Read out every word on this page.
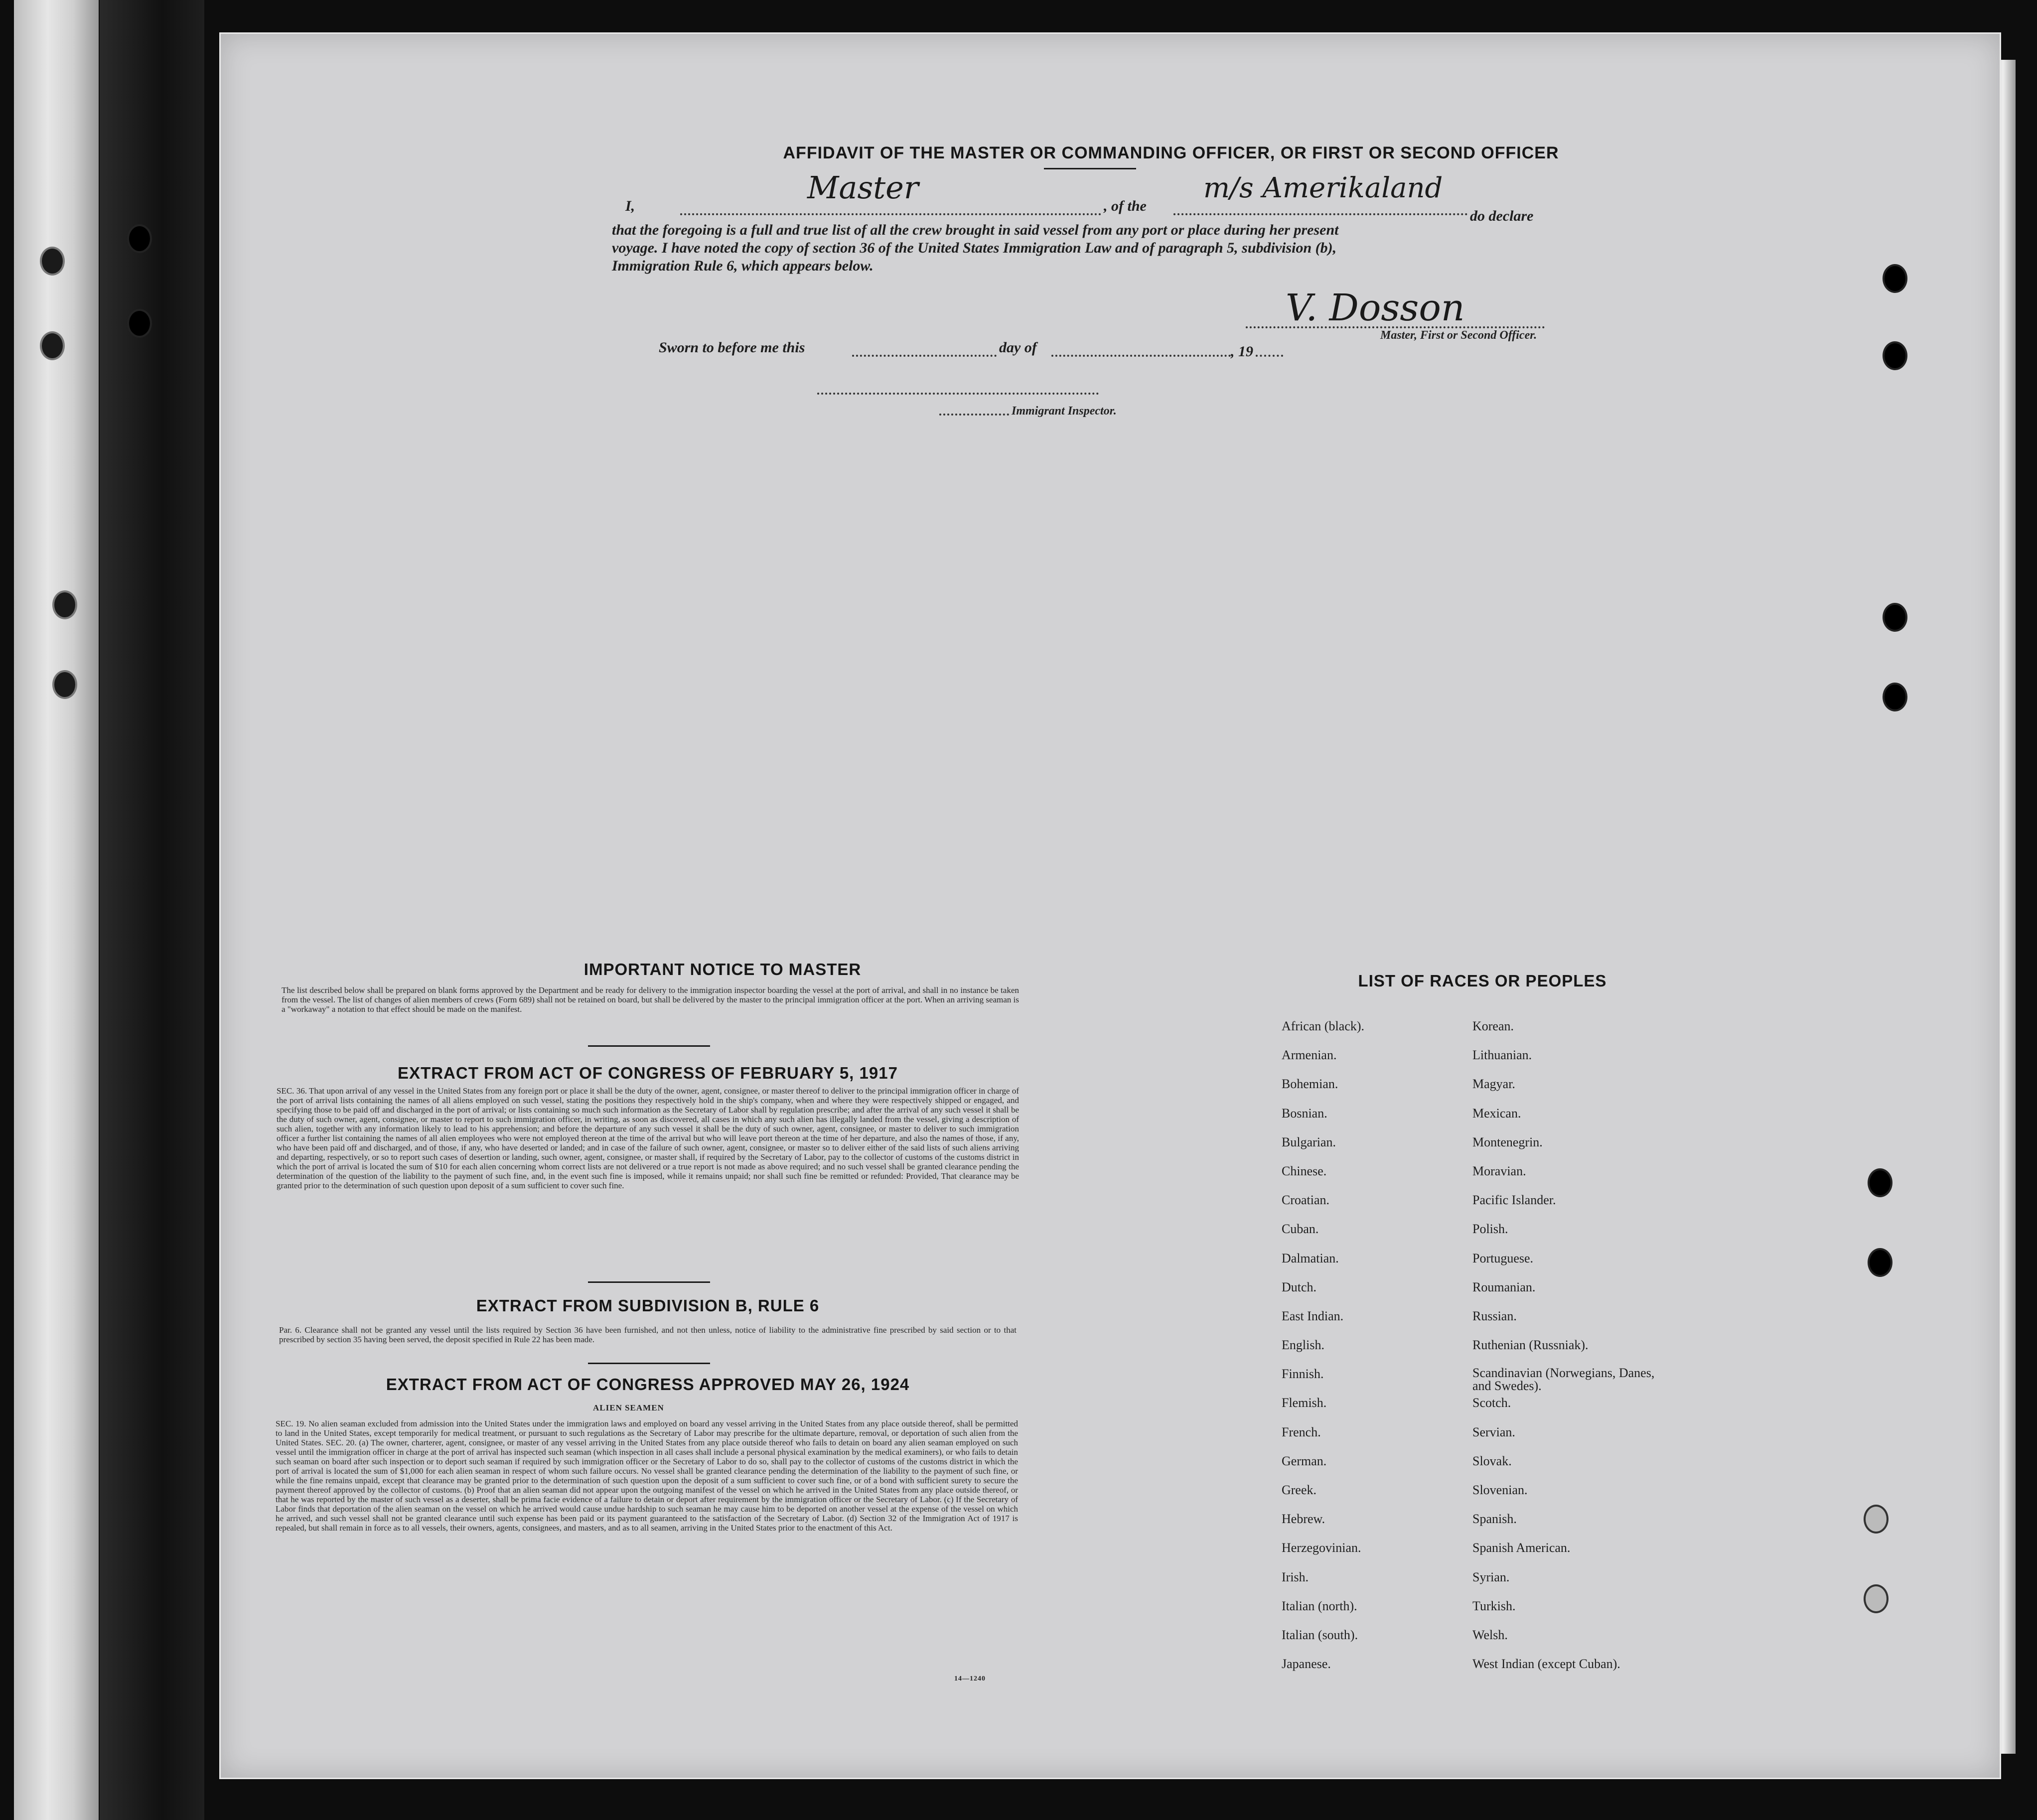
AFFIDAVIT OF THE MASTER OR COMMANDING OFFICER, OR FIRST OR SECOND OFFICER
I,
Master
, of the
m/s Amerikaland
do declare
that the foregoing is a full and true list of all the crew brought in said vessel from any port or place during her present
voyage. I have noted the copy of section 36 of the United States Immigration Law and of paragraph 5, subdivision (b),
Immigration Rule 6, which appears below.
V. Dosson
Master, First or Second Officer.
Sworn to before me this	day of	, 19
Immigrant Inspector.
IMPORTANT NOTICE TO MASTER
The list described below shall be prepared on blank forms approved by the Department and be ready for delivery to the immigration inspector boarding the vessel at the port of arrival, and shall in no instance be taken from the vessel. The list of changes of alien members of crews (Form 689) shall not be retained on board, but shall be delivered by the master to the principal immigration officer at the port. When an arriving seaman is a "workaway" a notation to that effect should be made on the manifest.
EXTRACT FROM ACT OF CONGRESS OF FEBRUARY 5, 1917
SEC. 36. That upon arrival of any vessel in the United States from any foreign port or place it shall be the duty of the owner, agent, consignee, or master thereof to deliver to the principal immigration officer in charge of the port of arrival lists containing the names of all aliens employed on such vessel, stating the positions they respectively hold in the ship's company, when and where they were respectively shipped or engaged, and specifying those to be paid off and discharged in the port of arrival; or lists containing so much such information as the Secretary of Labor shall by regulation prescribe; and after the arrival of any such vessel it shall be the duty of such owner, agent, consignee, or master to report to such immigration officer, in writing, as soon as discovered, all cases in which any such alien has illegally landed from the vessel, giving a description of such alien, together with any information likely to lead to his apprehension; and before the departure of any such vessel it shall be the duty of such owner, agent, consignee, or master to deliver to such immigration officer a further list containing the names of all alien employees who were not employed thereon at the time of the arrival but who will leave port thereon at the time of her departure, and also the names of those, if any, who have been paid off and discharged, and of those, if any, who have deserted or landed; and in case of the failure of such owner, agent, consignee, or master so to deliver either of the said lists of such aliens arriving and departing, respectively, or so to report such cases of desertion or landing, such owner, agent, consignee, or master shall, if required by the Secretary of Labor, pay to the collector of customs of the customs district in which the port of arrival is located the sum of $10 for each alien concerning whom correct lists are not delivered or a true report is not made as above required; and no such vessel shall be granted clearance pending the determination of the question of the liability to the payment of such fine, and, in the event such fine is imposed, while it remains unpaid; nor shall such fine be remitted or refunded: Provided, That clearance may be granted prior to the determination of such question upon deposit of a sum sufficient to cover such fine.
EXTRACT FROM SUBDIVISION B, RULE 6
Par. 6. Clearance shall not be granted any vessel until the lists required by Section 36 have been furnished, and not then unless, notice of liability to the administrative fine prescribed by said section or to that prescribed by section 35 having been served, the deposit specified in Rule 22 has been made.
EXTRACT FROM ACT OF CONGRESS APPROVED MAY 26, 1924
ALIEN SEAMEN
SEC. 19. No alien seaman excluded from admission into the United States under the immigration laws and employed on board any vessel arriving in the United States from any place outside thereof, shall be permitted to land in the United States, except temporarily for medical treatment, or pursuant to such regulations as the Secretary of Labor may prescribe for the ultimate departure, removal, or deportation of such alien from the United States. SEC. 20. (a) The owner, charterer, agent, consignee, or master of any vessel arriving in the United States from any place outside thereof who fails to detain on board any alien seaman employed on such vessel until the immigration officer in charge at the port of arrival has inspected such seaman (which inspection in all cases shall include a personal physical examination by the medical examiners), or who fails to detain such seaman on board after such inspection or to deport such seaman if required by such immigration officer or the Secretary of Labor to do so, shall pay to the collector of customs of the customs district in which the port of arrival is located the sum of $1,000 for each alien seaman in respect of whom such failure occurs. No vessel shall be granted clearance pending the determination of the liability to the payment of such fine, or while the fine remains unpaid, except that clearance may be granted prior to the determination of such question upon the deposit of a sum sufficient to cover such fine, or of a bond with sufficient surety to secure the payment thereof approved by the collector of customs. (b) Proof that an alien seaman did not appear upon the outgoing manifest of the vessel on which he arrived in the United States from any place outside thereof, or that he was reported by the master of such vessel as a deserter, shall be prima facie evidence of a failure to detain or deport after requirement by the immigration officer or the Secretary of Labor. (c) If the Secretary of Labor finds that deportation of the alien seaman on the vessel on which he arrived would cause undue hardship to such seaman he may cause him to be deported on another vessel at the expense of the vessel on which he arrived, and such vessel shall not be granted clearance until such expense has been paid or its payment guaranteed to the satisfaction of the Secretary of Labor. (d) Section 32 of the Immigration Act of 1917 is repealed, but shall remain in force as to all vessels, their owners, agents, consignees, and masters, and as to all seamen, arriving in the United States prior to the enactment of this Act.
14—1240
LIST OF RACES OR PEOPLES
African (black).
Armenian.
Bohemian.
Bosnian.
Bulgarian.
Chinese.
Croatian.
Cuban.
Dalmatian.
Dutch.
East Indian.
English.
Finnish.
Flemish.
French.
German.
Greek.
Hebrew.
Herzegovinian.
Irish.
Italian (north).
Italian (south).
Japanese.
Korean.
Lithuanian.
Magyar.
Mexican.
Montenegrin.
Moravian.
Pacific Islander.
Polish.
Portuguese.
Roumanian.
Russian.
Ruthenian (Russniak).
Scandinavian (Norwegians, Danes, and Swedes).
Scotch.
Servian.
Slovak.
Slovenian.
Spanish.
Spanish American.
Syrian.
Turkish.
Welsh.
West Indian (except Cuban).
